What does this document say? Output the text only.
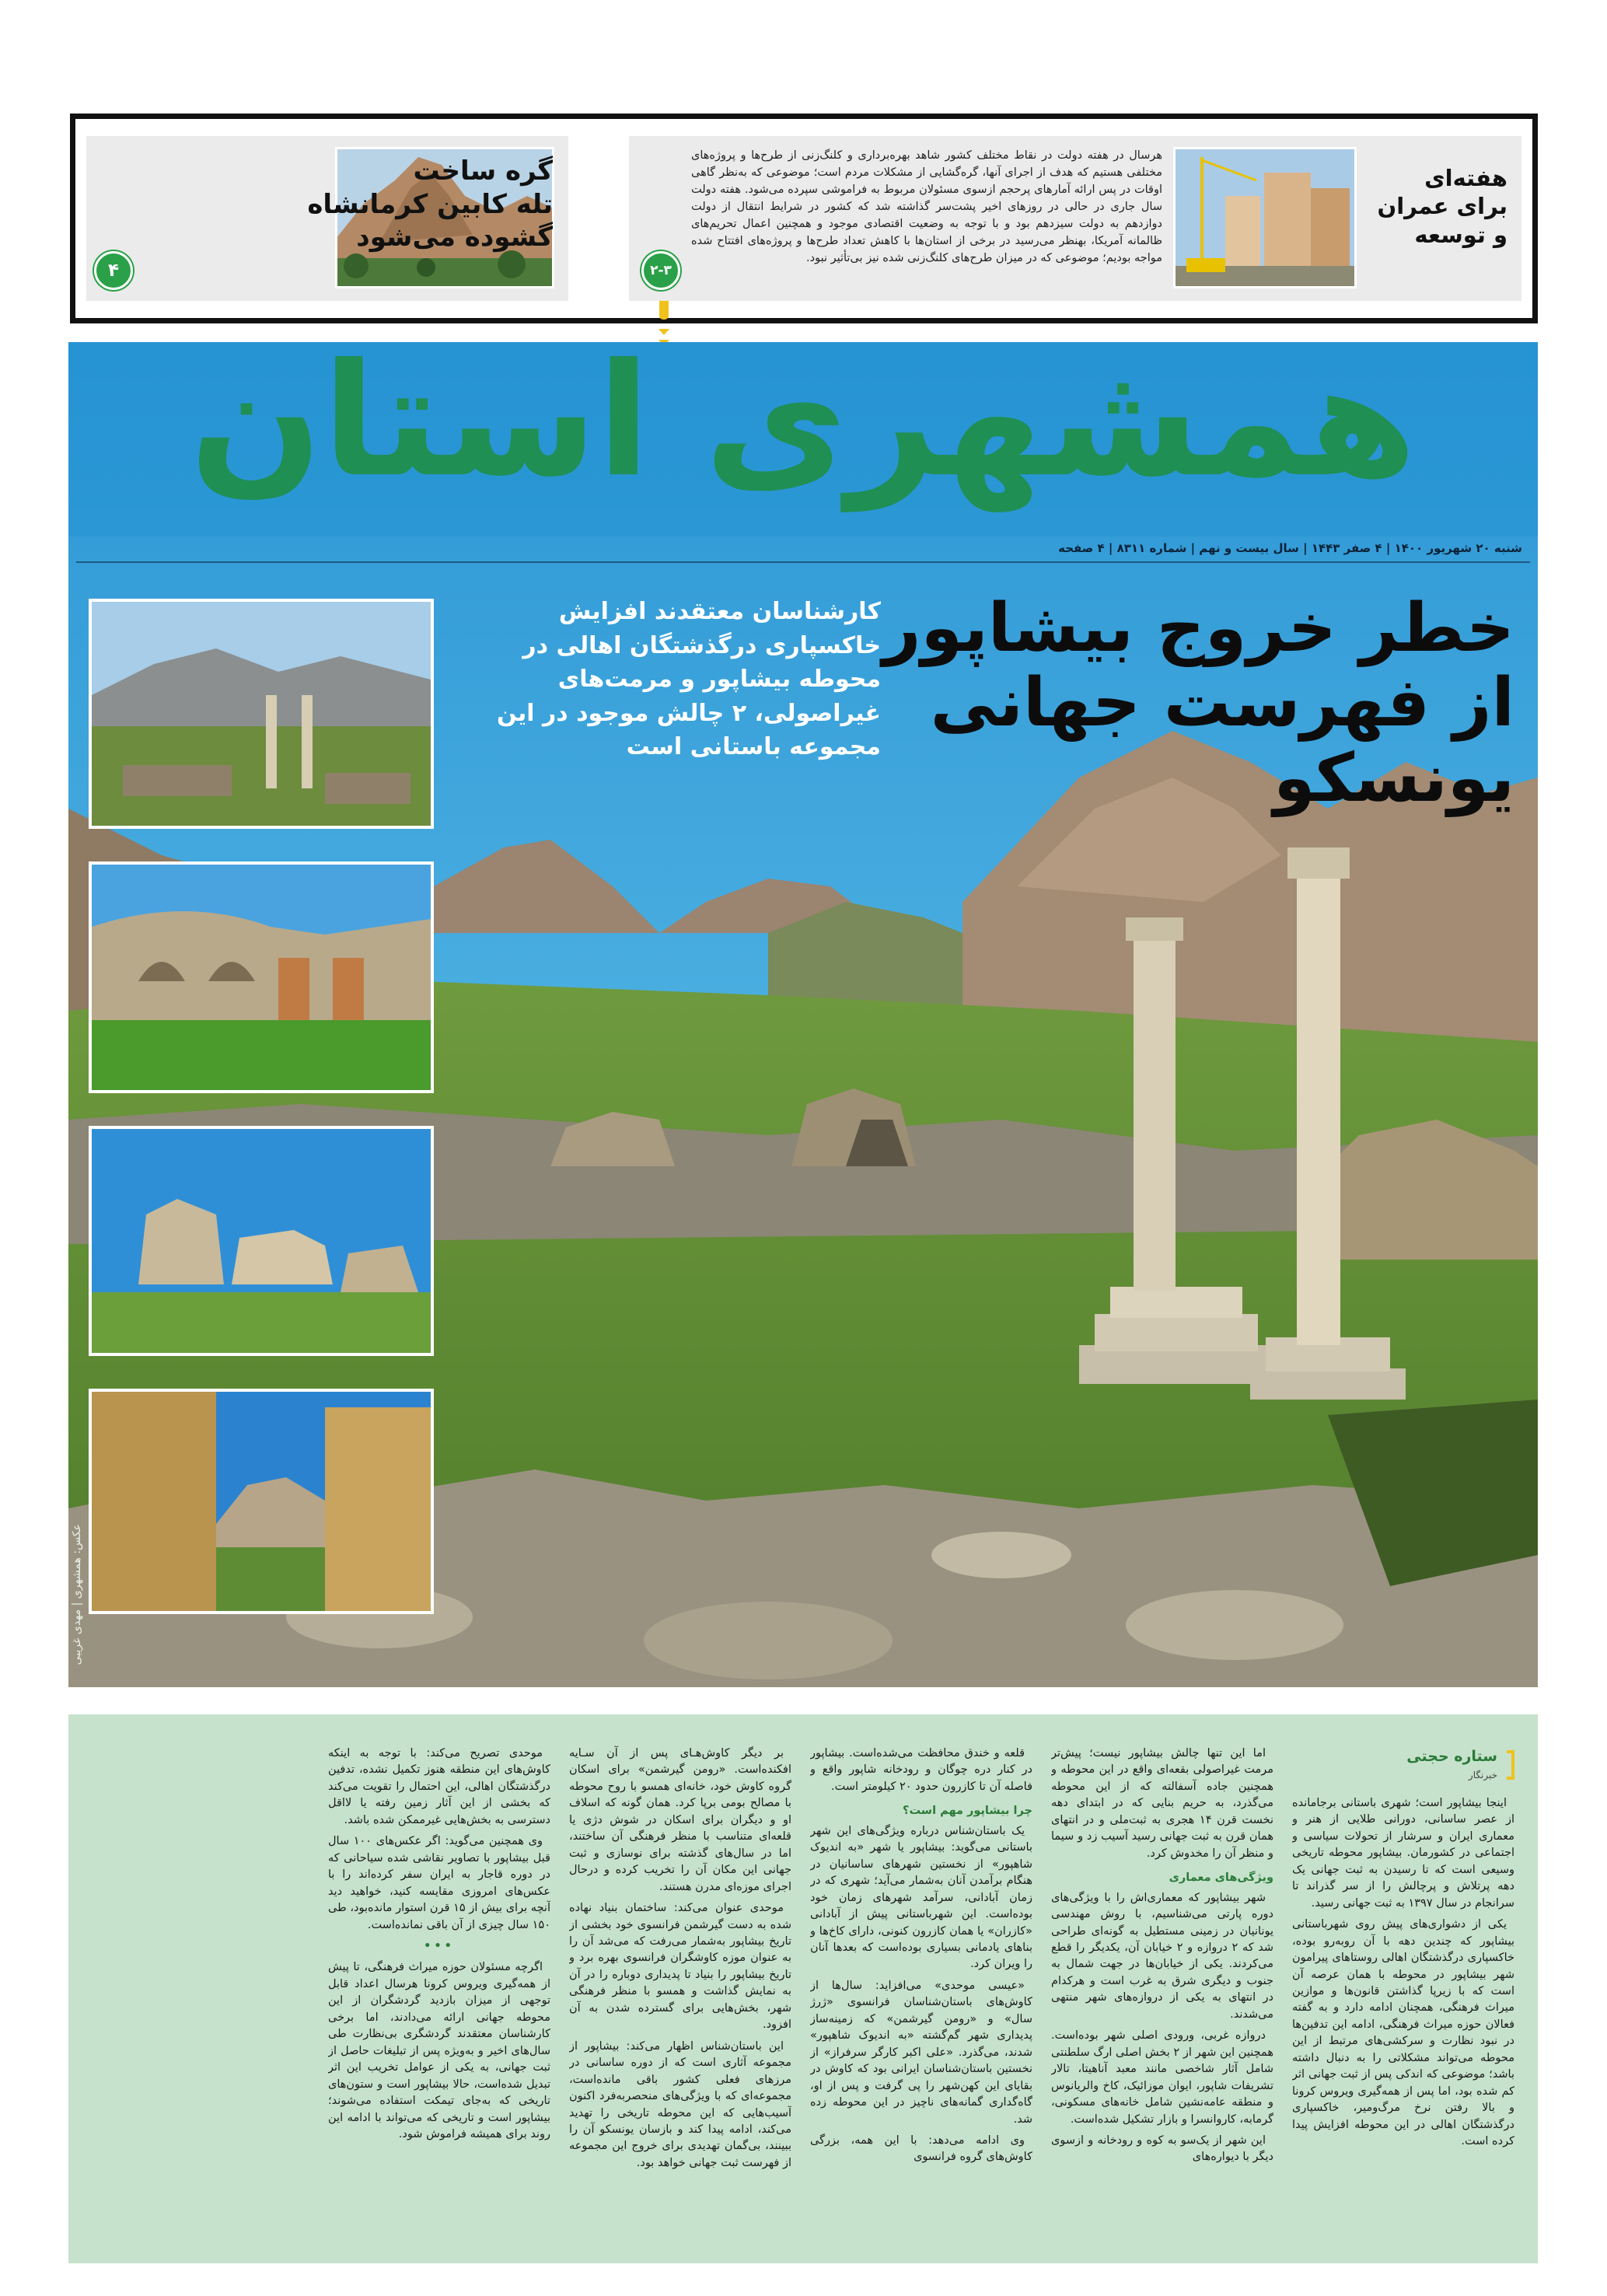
گره ساخت
تله کابین کرمانشاه
گشوده می‌شود
۴
هفته‌ای
برای عمران
و توسعه
هرسال در هفته دولت در نقاط مختلف کشور شاهد بهره‌برداری و کلنگ‌زنی از طرح‌ها و پروژه‌های مختلفی هستیم که هدف از اجرای آنها، گره‌گشایی از مشکلات مردم است؛ موضوعی که به‌نظر گاهی اوقات در پس ارائه آمارهای پرحجم ازسوی مسئولان مربوط به فراموشی سپرده می‌شود. هفته دولت سال جاری در حالی در روزهای اخیر پشت‌سر گذاشته شد که کشور در شرایط انتقال از دولت دوازدهم به دولت سیزدهم بود و با توجه به وضعیت اقتصادی موجود و همچنین اعمال تحریم‌های ظالمانه آمریکا، بهنظر می‌رسید در برخی از استان‌ها با کاهش تعداد طرح‌ها و پروژه‌های افتتاح شده مواجه بودیم؛ موضوعی که در میزان طرح‌های کلنگ‌زنی شده نیز بی‌تأثیر نبود.
۲-۳
همشهری استان
شنبه ۲۰ شهریور ۱۴۰۰ | ۴ صفر ۱۴۴۳ | سال بیست و نهم | شماره ۸۳۱۱ | ۴ صفحه
خطر خروج بیشاپور
از فهرست جهانی یونسکو
کارشناسان معتقدند افزایش خاکسپاری درگذشتگان اهالی در محوطه بیشاپور و مرمت‌های غیراصولی، ۲ چالش موجود در این مجموعه باستانی است
عکس: همشهری | مهدی غریبی
ستاره حجتی
خبرنگار

اینجا بیشاپور است؛ شهری باستانی برجامانده از عصر ساسانی، دورانی طلایی از هنر و معماری ایران و سرشار از تحولات سیاسی و اجتماعی در کشورمان. بیشاپور محوطه تاریخی وسیعی است که تا رسیدن به ثبت جهانی یک دهه پرتلاش و پرچالش را از سر گذراند تا سرانجام در سال ۱۳۹۷ به ثبت جهانی رسید.

یکی از دشواری‌های پیش روی شهرباستانی بیشاپور که چندین دهه با آن روبه‌رو بوده، خاکسپاری درگذشتگان اهالی روستاهای پیرامون شهر بیشاپور در محوطه با همان عرصه آن است که با زیرپا گذاشتن قانون‌ها و موازین میراث فرهنگی، همچنان ادامه دارد و به گفته فعالان حوزه میراث فرهنگی، ادامه این تدفین‌ها در نبود نظارت و سرکشی‌های مرتبط از این محوطه می‌تواند مشکلاتی را به دنبال داشته باشد؛ موضوعی که اندکی پس از ثبت جهانی اثر کم شده بود، اما پس از همه‌گیری ویروس کرونا و بالا رفتن نرخ مرگ‌ومیر، خاکسپاری درگذشتگان اهالی در این محوطه افزایش پیدا کرده است.

اما این تنها چالش بیشاپور نیست؛ پیش‌تر مرمت غیراصولی بقعه‌ای واقع در این محوطه و همچنین جاده آسفالته که از این محوطه می‌گذرد، به حریم بنایی که در ابتدای دهه نخست قرن ۱۴ هجری به ثبت‌ملی و در انتهای همان قرن به ثبت جهانی رسید آسیب زد و سیما و منظر آن را مخدوش کرد.

ویژگی‌های معماری

شهر بیشاپور که معماری‌اش را با ویژگی‌های دوره پارتی می‌شناسیم، با روش مهندسی یونانیان در زمینی مستطیل به گونه‌ای طراحی شد که ۲ دروازه و ۲ خیابان آن، یکدیگر را قطع می‌کردند. یکی از خیابان‌ها در جهت شمال به جنوب و دیگری شرق به غرب است و هرکدام در انتهای به یکی از دروازه‌های شهر منتهی می‌شدند.

دروازه غربی، ورودی اصلی شهر بوده‌است. همچنین این شهر از ۲ بخش اصلی ارگ سلطنتی شامل آثار شاخصی مانند معبد آناهیتا، تالار تشریفات شاپور، ایوان موزائیک، کاخ والریانوس و منطقه عامه‌نشین شامل خانه‌های مسکونی، گرمابه، کاروانسرا و بازار تشکیل شده‌است.

این شهر از یک‌سو به کوه و رودخانه و ازسوی دیگر با دیواره‌های

قلعه و خندق محافظت می‌شده‌است. بیشاپور در کنار دره چوگان و رودخانه شاپور واقع و فاصله آن تا کازرون حدود ۲۰ کیلومتر است.

چرا بیشاپور مهم است؟

یک باستان‌شناس درباره ویژگی‌های این شهر باستانی می‌گوید: بیشاپور یا شهر «به اندیوک شاهپور» از نخستین شهرهای ساسانیان در هنگام برآمدن آنان به‌شمار می‌آید؛ شهری که در زمان آبادانی، سرآمد شهرهای زمان خود بوده‌است. این شهرباستانی پیش از آبادانی «کازران» یا همان کازرون کنونی، دارای کاخ‌ها و بناهای یادمانی بسیاری بوده‌است که بعدها آنان را ویران کرد.

«عیسی موحدی» می‌افزاید: سال‌ها از کاوش‌های باستان‌شناسان فرانسوی «ژرژ سال» و «رومن گیرشمن» که زمینه‌ساز پدیداری شهر گم‌گشته «به اندیوک شاهپور» شدند، می‌گذرد. «علی اکبر کارگر سرفراز» از نخستین باستان‌شناسان ایرانی بود که کاوش در بقایای این کهن‌شهر را پی گرفت و پس از او، گاه‌گداری گمانه‌های ناچیز در این محوطه زده شد.

وی ادامه می‌دهد: با این همه، بزرگی کاوش‌های گروه فرانسوی

بر دیگر کاوش‌هـای پس از آن سـایه افکنده‌است. «رومن گیرشمن» برای اسکان گروه کاوش خود، خانه‌ای همسو با روح محوطه با مصالح بومی برپا کرد. همان گونه که اسلاف او و دیگران برای اسکان در شوش دژی یا قلعه‌ای متناسب با منظر فرهنگی آن ساختند، اما در سال‌های گذشته برای نوسازی و ثبت جهانی این مکان آن را تخریب کرده و درحال اجرای موزه‌ای مدرن هستند.

موحدی عنوان می‌کند: ساختمان بنیاد نهاده شده به دست گیرشمن فرانسوی خود بخشی از تاریخ بیشاپور به‌شمار می‌رفت که می‌شد آن را به عنوان موزه کاوشگران فرانسوی بهره برد و تاریخ بیشاپور را بنیاد تا پدیداری دوباره را در آن به نمایش گذاشت و همسو با منظر فرهنگی شهر، بخش‌هایی برای گسترده شدن به آن افزود.

این باستان‌شناس اظهار می‌کند: بیشاپور از مجموعه آثاری است که از دوره ساسانی در مرزهای فعلی کشور باقی مانده‌است، مجموعه‌ای که با ویژگی‌های منحصربه‌فرد اکنون آسیب‌هایی که این محوطه تاریخی را تهدید می‌کند، ادامه پیدا کند و بازسان یونسکو آن را ببینند، بی‌گمان تهدیدی برای خروج این مجموعه از فهرست ثبت جهانی خواهد بود.

موحدی تصریح می‌کند: با توجه به اینکه کاوش‌های این منطقه هنوز تکمیل نشده، تدفین درگذشتگان اهالی، این احتمال را تقویت می‌کند که بخشی از این آثار زمین رفته یا لااقل دسترسی به بخش‌هایی غیرممکن شده باشد.

وی همچنین می‌گوید: اگر عکس‌های ۱۰۰ سال قبل بیشاپور با تصاویر نقاشی شده سیاحانی که در دوره قاجار به ایران سفر کرده‌اند را با عکس‌های امروزی مقایسه کنید، خواهید دید آنچه برای بیش از ۱۵ قرن استوار مانده‌بود، طی ۱۵۰ سال چیزی از آن باقی نمانده‌است.

•••

اگرچه مسئولان حوزه میراث فرهنگی، تا پیش از همه‌گیری ویروس کرونا هرسال اعداد قابل توجهی از میزان بازدید گردشگران از این محوطه جهانی ارائه می‌دادند، اما برخی کارشناسان معتقدند گردشگری بی‌نظارت طی سال‌های اخیر و به‌ویژه پس از تبلیغات حاصل از ثبت جهانی، به یکی از عوامل تخریب این اثر تبدیل شده‌است، حالا بیشاپور است و ستون‌های تاریخی که به‌جای تیمکت استفاده می‌شوند؛ بیشاپور است و تاریخی که می‌تواند با ادامه این روند برای همیشه فراموش شود.
